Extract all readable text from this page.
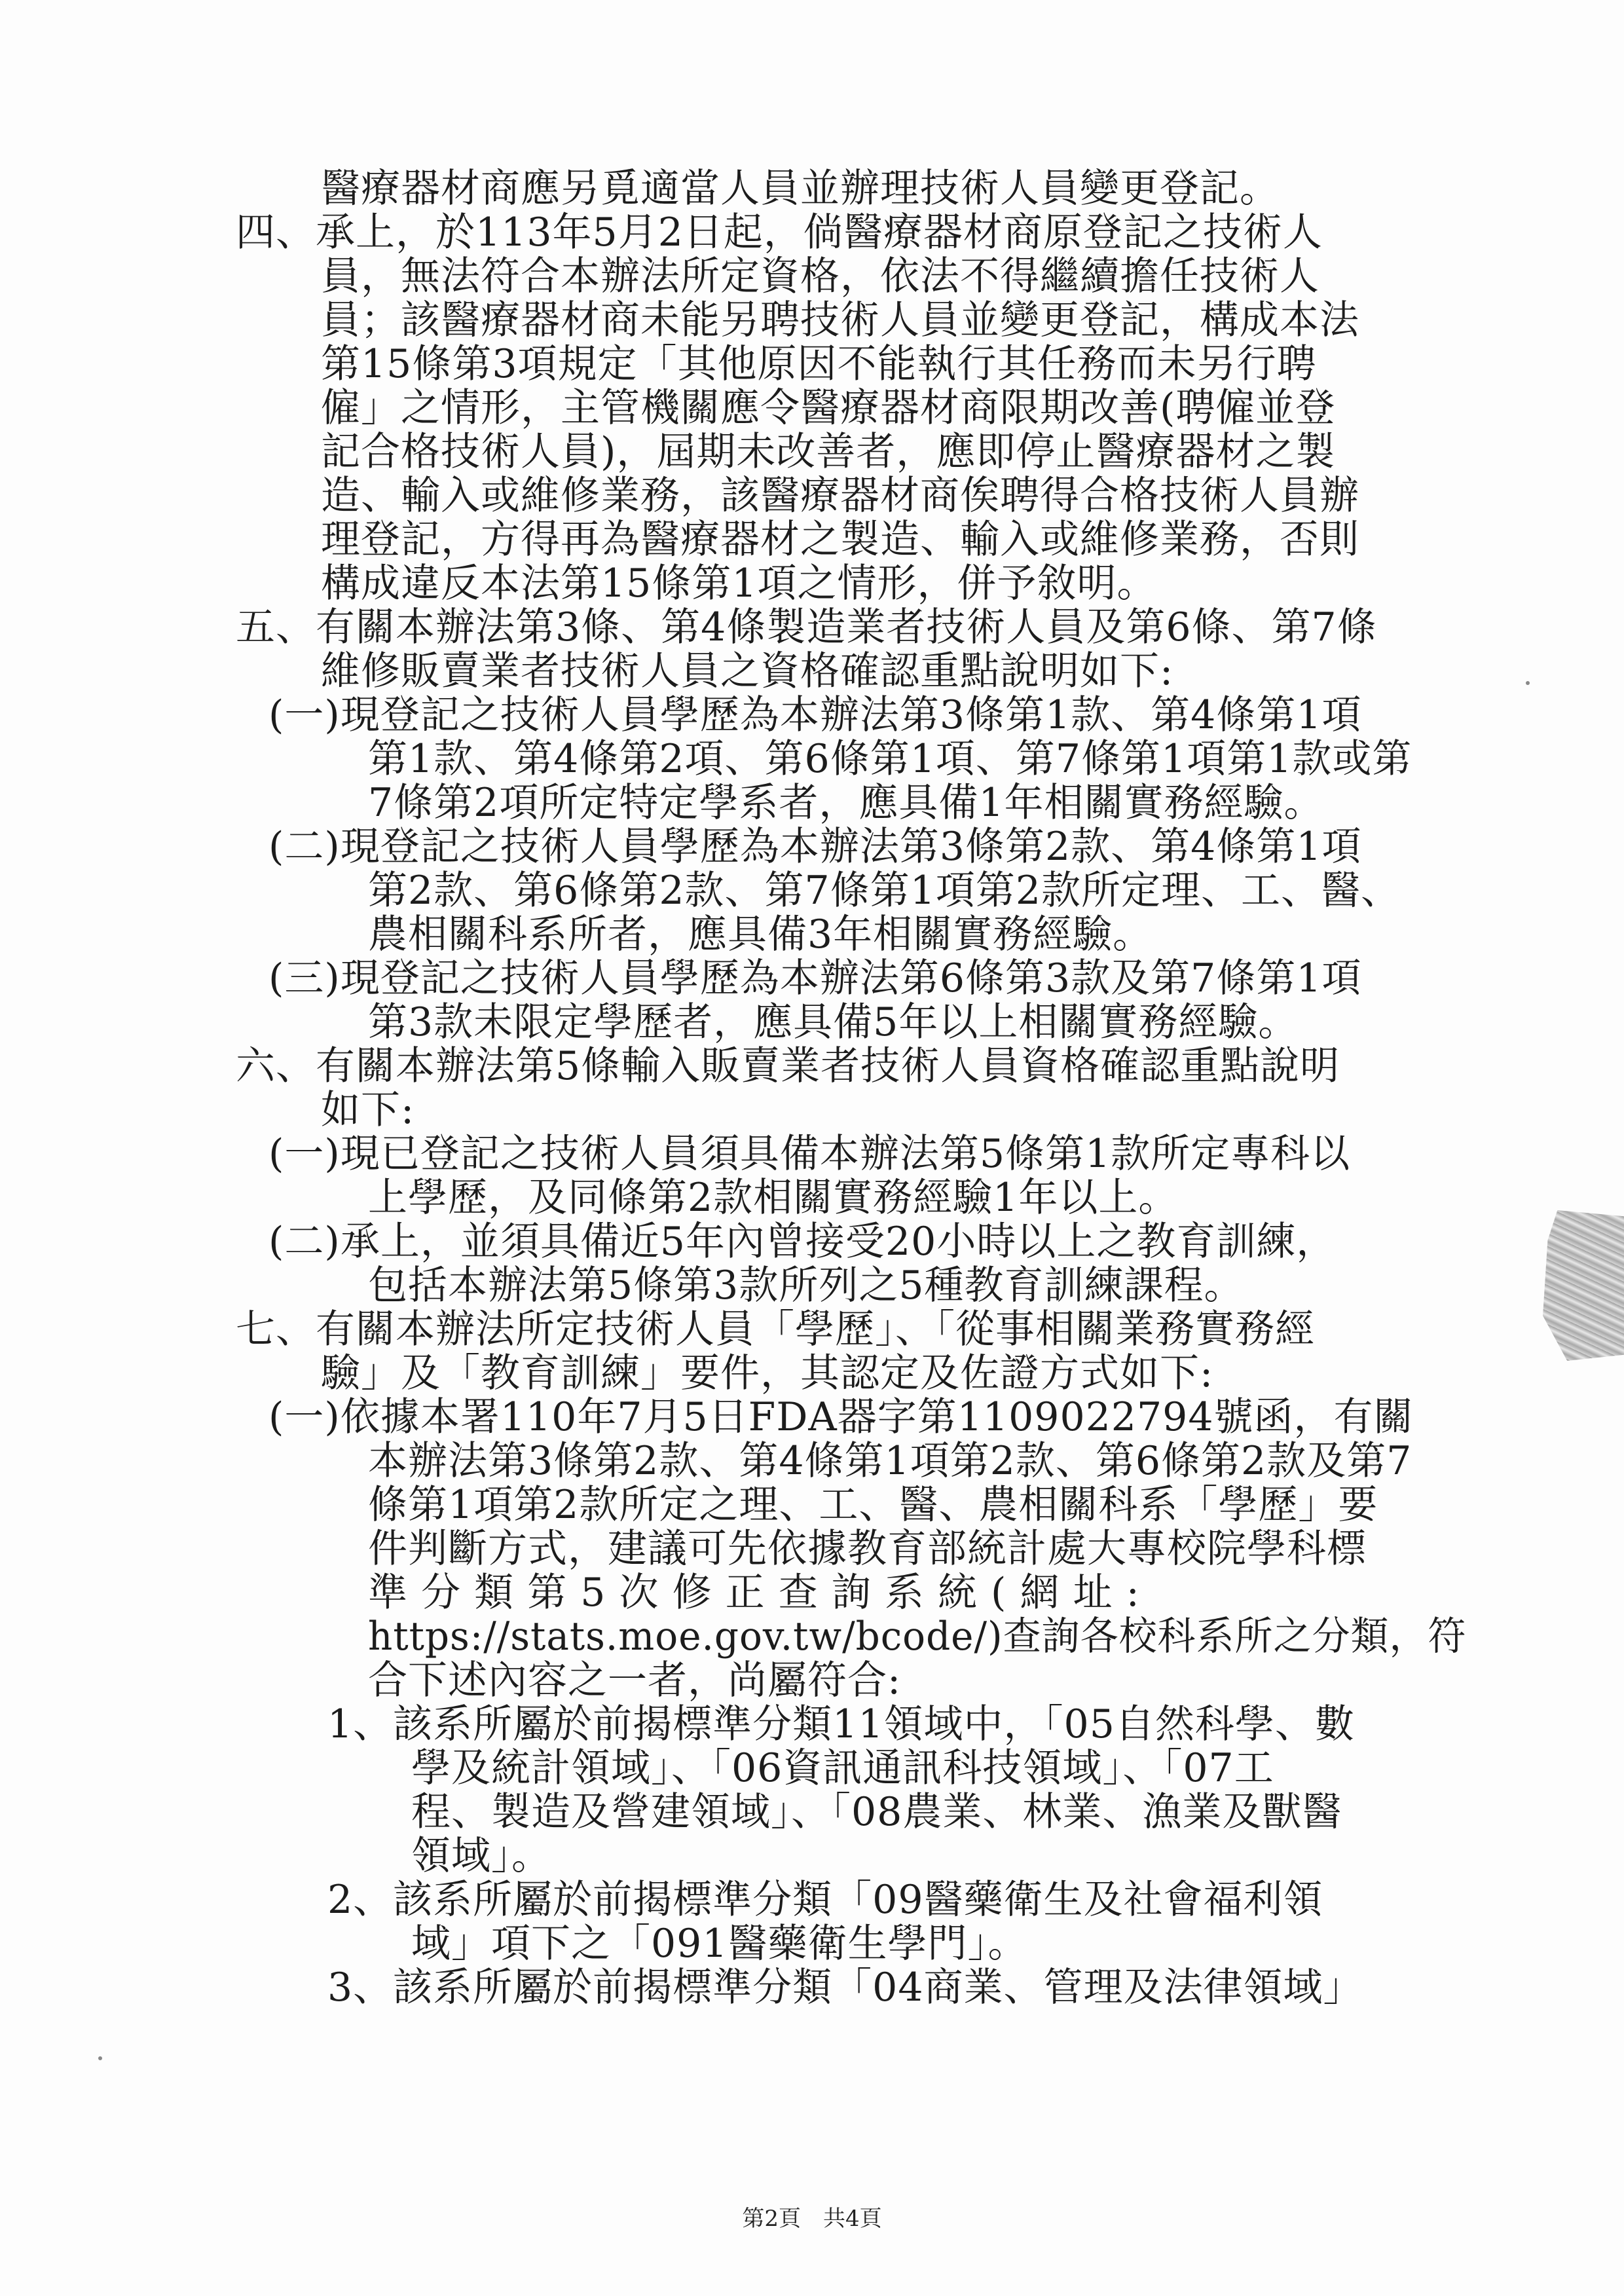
醫療器材商應另覓適當人員並辦理技術人員變更登記。
四、承上，於113年5月2日起，倘醫療器材商原登記之技術人
員，無法符合本辦法所定資格，依法不得繼續擔任技術人
員；該醫療器材商未能另聘技術人員並變更登記，構成本法
第15條第3項規定「其他原因不能執行其任務而未另行聘
僱」之情形，主管機關應令醫療器材商限期改善(聘僱並登
記合格技術人員)，屆期未改善者，應即停止醫療器材之製
造、輸入或維修業務，該醫療器材商俟聘得合格技術人員辦
理登記，方得再為醫療器材之製造、輸入或維修業務，否則
構成違反本法第15條第1項之情形，併予敘明。
五、有關本辦法第3條、第4條製造業者技術人員及第6條、第7條
維修販賣業者技術人員之資格確認重點說明如下:
(一)現登記之技術人員學歷為本辦法第3條第1款、第4條第1項
第1款、第4條第2項、第6條第1項、第7條第1項第1款或第
7條第2項所定特定學系者，應具備1年相關實務經驗。
(二)現登記之技術人員學歷為本辦法第3條第2款、第4條第1項
第2款、第6條第2款、第7條第1項第2款所定理、工、醫、
農相關科系所者，應具備3年相關實務經驗。
(三)現登記之技術人員學歷為本辦法第6條第3款及第7條第1項
第3款未限定學歷者，應具備5年以上相關實務經驗。
六、有關本辦法第5條輸入販賣業者技術人員資格確認重點說明
如下:
(一)現已登記之技術人員須具備本辦法第5條第1款所定專科以
上學歷，及同條第2款相關實務經驗1年以上。
(二)承上，並須具備近5年內曾接受20小時以上之教育訓練，
包括本辦法第5條第3款所列之5種教育訓練課程。
七、有關本辦法所定技術人員「學歷」、「從事相關業務實務經
驗」及「教育訓練」要件，其認定及佐證方式如下:
(一)依據本署110年7月5日FDA器字第1109022794號函，有關
本辦法第3條第2款、第4條第1項第2款、第6條第2款及第7
條第1項第2款所定之理、工、醫、農相關科系「學歷」要
件判斷方式，建議可先依據教育部統計處大專校院學科標
準 分 類 第 5 次 修 正 查 詢 系 統 ( 網 址 :
https://stats.moe.gov.tw/bcode/)查詢各校科系所之分類，符
合下述內容之一者，尚屬符合:
1、該系所屬於前揭標準分類11領域中，「05自然科學、數
學及統計領域」、「06資訊通訊科技領域」、「07工
程、製造及營建領域」、「08農業、林業、漁業及獸醫
領域」。
2、該系所屬於前揭標準分類「09醫藥衛生及社會福利領
域」項下之「091醫藥衛生學門」。
3、該系所屬於前揭標準分類「04商業、管理及法律領域」
第2頁　共4頁
